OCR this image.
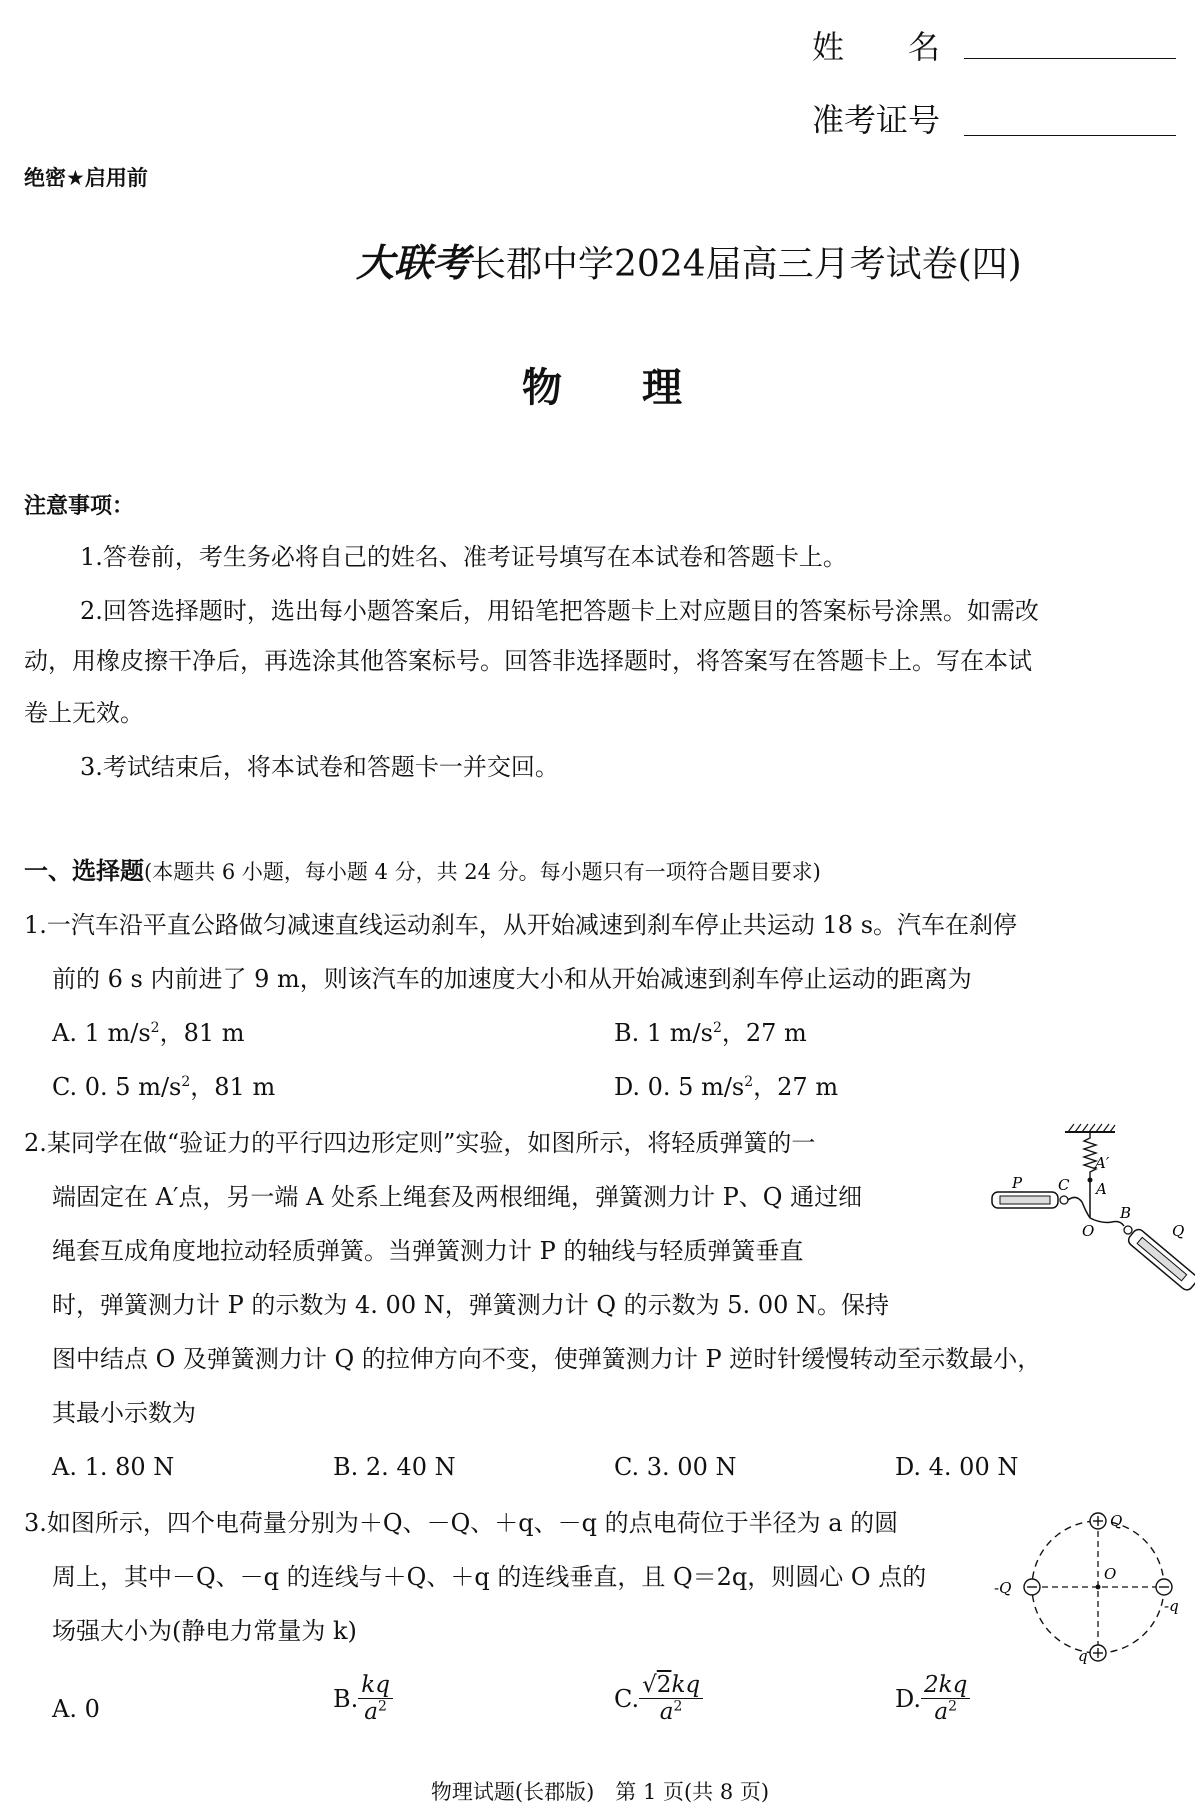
姓　　名
准考证号
绝密★启用前
大联考长郡中学2024届高三月考试卷(四)
物　　理
注意事项：
1.答卷前，考生务必将自己的姓名、准考证号填写在本试卷和答题卡上。
2.回答选择题时，选出每小题答案后，用铅笔把答题卡上对应题目的答案标号涂黑。如需改
动，用橡皮擦干净后，再选涂其他答案标号。回答非选择题时，将答案写在答题卡上。写在本试
卷上无效。
3.考试结束后，将本试卷和答题卡一并交回。
一、选择题(本题共 6 小题，每小题 4 分，共 24 分。每小题只有一项符合题目要求)
1.一汽车沿平直公路做匀减速直线运动刹车，从开始减速到刹车停止共运动 18 s。汽车在刹停
前的 6 s 内前进了 9 m，则该汽车的加速度大小和从开始减速到刹车停止运动的距离为
A. 1 $m/s^2$，81 m	B. 1 $m/s^2$，27 m
C. 0. 5 $m/s^2$，81 m	D. 0. 5 $m/s^2$，27 m
2.某同学在做“验证力的平行四边形定则”实验，如图所示，将轻质弹簧的一
端固定在 A′点，另一端 A 处系上绳套及两根细绳，弹簧测力计 P、Q 通过细
绳套互成角度地拉动轻质弹簧。当弹簧测力计 P 的轴线与轻质弹簧垂直
时，弹簧测力计 P 的示数为 4. 00 N，弹簧测力计 Q 的示数为 5. 00 N。保持
图中结点 O 及弹簧测力计 Q 的拉伸方向不变，使弹簧测力计 P 逆时针缓慢转动至示数最小，
其最小示数为
A. 1. 80 N	B. 2. 40 N	C. 3. 00 N	D. 4. 00 N
A′
A
P C
O
B
Q
3.如图所示，四个电荷量分别为＋Q、－Q、＋q、－q 的点电荷位于半径为 a 的圆
周上，其中－Q、－q 的连线与＋Q、＋q 的连线垂直，且 Q＝2q，则圆心 O 点的
场强大小为(静电力常量为 k)
A. 0	B. $\frac{kq}{a^2}$	C. $\frac{√2kq}{a^2}$	D. $\frac{2kq}{a^2}$
Q
-Q
-q
q
O
物理试题(长郡版)　第 1 页(共 8 页)
